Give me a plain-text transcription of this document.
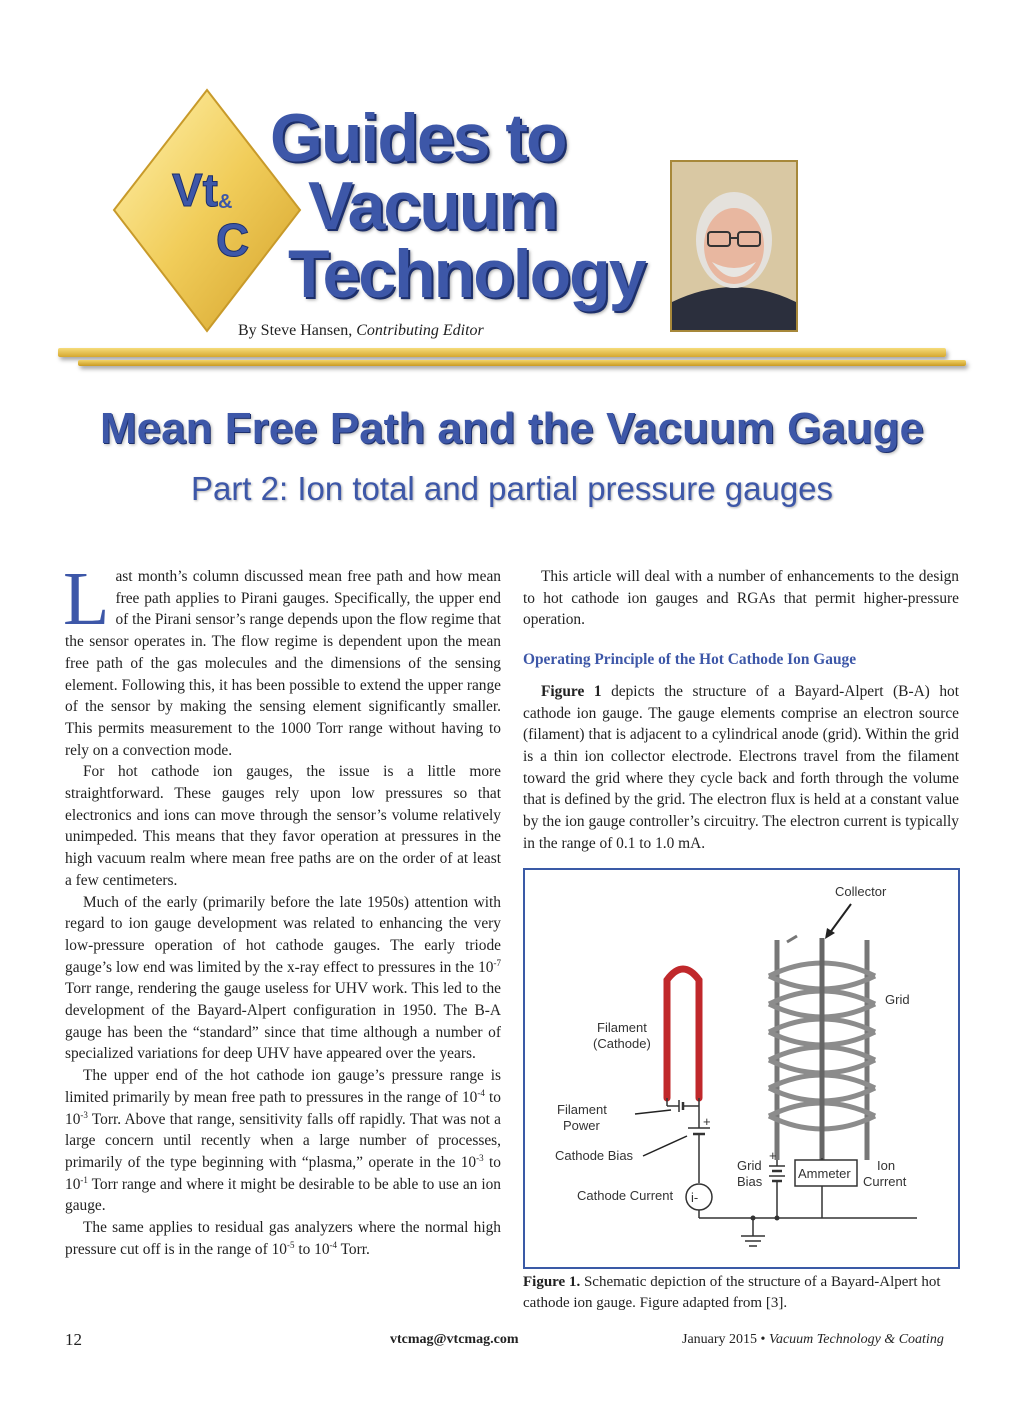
Vt &
C
Guides to
Vacuum
Technology
By Steve Hansen, Contributing Editor
Mean Free Path and the Vacuum Gauge
Part 2: Ion total and partial pressure gauges

Last month’s column discussed mean free path and how mean free path applies to Pirani gauges. Specifically, the upper end of the Pirani sensor’s range depends upon the flow regime that the sensor operates in. The flow regime is dependent upon the mean free path of the gas molecules and the dimensions of the sensing element. Following this, it has been possible to extend the upper range of the sensor by making the sensing element significantly smaller. This permits measurement to the 1000 Torr range without having to rely on a convection mode.

For hot cathode ion gauges, the issue is a little more straightforward. These gauges rely upon low pressures so that electronics and ions can move through the sensor’s volume relatively unimpeded. This means that they favor operation at pressures in the high vacuum realm where mean free paths are on the order of at least a few centimeters.

Much of the early (primarily before the late 1950s) attention with regard to ion gauge development was related to enhancing the very low-pressure operation of hot cathode gauges. The early triode gauge’s low end was limited by the x-ray effect to pressures in the $10^{-7}$ Torr range, rendering the gauge useless for UHV work. This led to the development of the Bayard-Alpert configuration in 1950. The B-A gauge has been the “standard” since that time although a number of specialized variations for deep UHV have appeared over the years.

The upper end of the hot cathode ion gauge’s pressure range is limited primarily by mean free path to pressures in the range of $10^{-4}$ to $10^{-3}$ Torr. Above that range, sensitivity falls off rapidly. That was not a large concern until recently when a large number of processes, primarily of the type beginning with “plasma,” operate in the $10^{-3}$ to $10^{-1}$ Torr range and where it might be desirable to be able to use an ion gauge.

The same applies to residual gas analyzers where the normal high pressure cut off is in the range of $10^{-5}$ to $10^{-4}$ Torr.

This article will deal with a number of enhancements to the design to hot cathode ion gauges and RGAs that permit higher-pressure operation.

Operating Principle of the Hot Cathode Ion Gauge

Figure 1 depicts the structure of a Bayard-Alpert (B-A) hot cathode ion gauge. The gauge elements comprise an electron source (filament) that is adjacent to a cylindrical anode (grid). Within the grid is a thin ion collector electrode. Electrons travel from the filament toward the grid where they cycle back and forth through the volume that is defined by the grid. The electron flux is held at a constant value by the ion gauge controller’s circuitry. The electron current is typically in the range of 0.1 to 1.0 mA.

Collector
Grid
Filament
(Cathode)
Filament
Power	+
Cathode Bias
i-
Cathode Current
+
Grid
Bias
Ammeter
Ion
Current
Figure 1. Schematic depiction of the structure of a Bayard-Alpert hot cathode ion gauge. Figure adapted from [3].
12	vtcmag@vtcmag.com	January 2015 • Vacuum Technology & Coating
